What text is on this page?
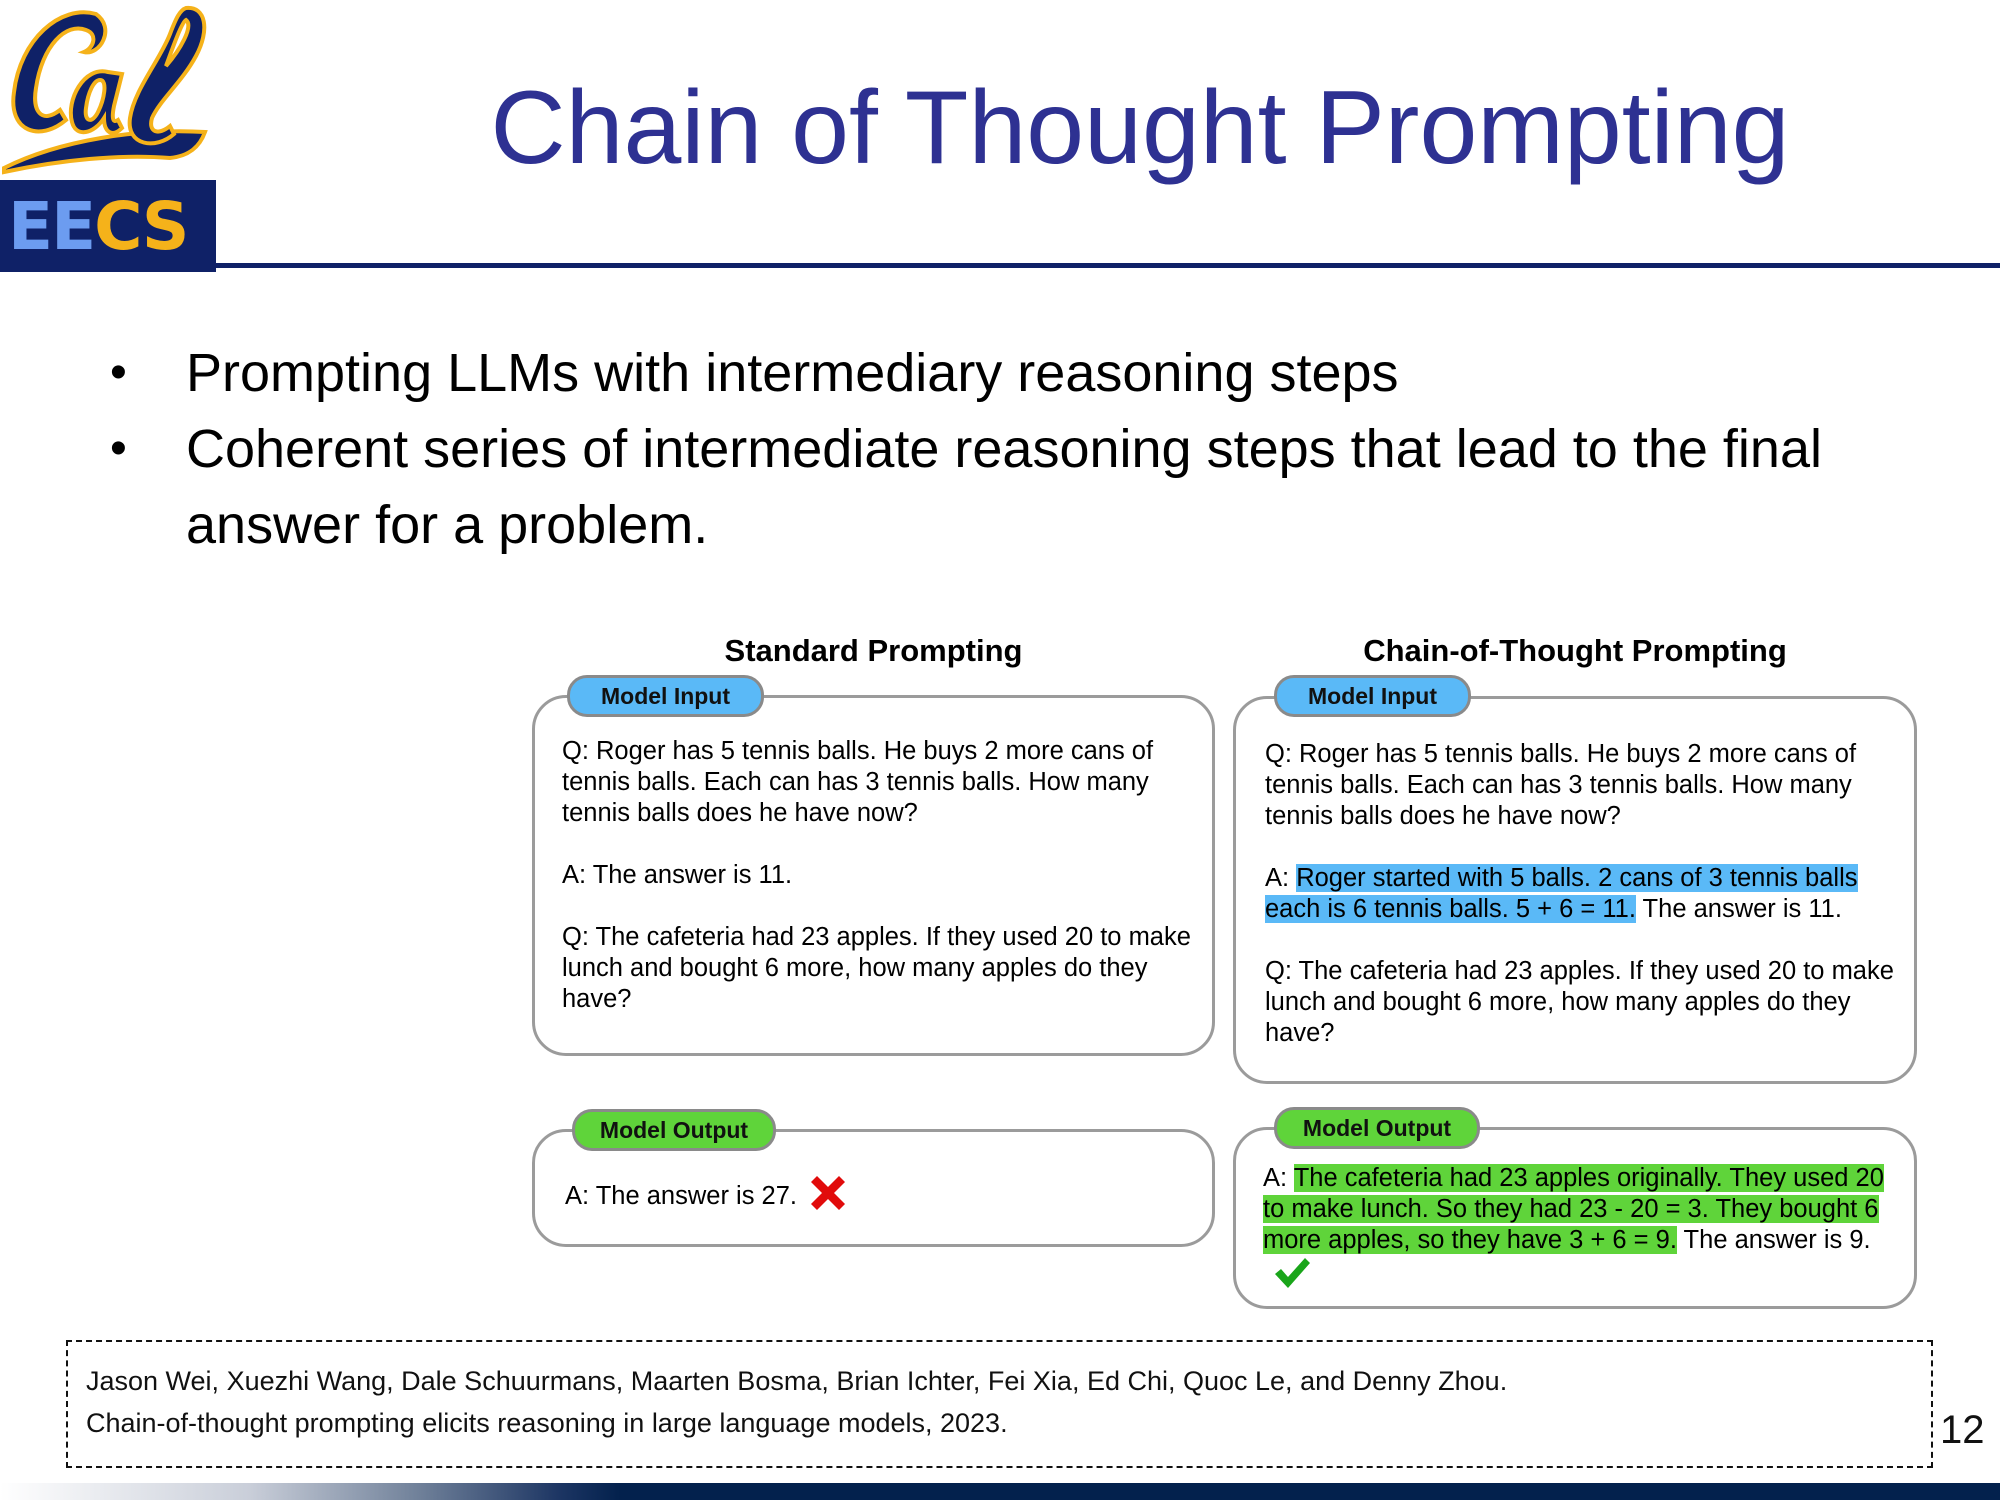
EE CS
Chain of Thought Prompting
• Prompting LLMs with intermediary reasoning steps
• Coherent series of intermediate reasoning steps that lead to the final answer for a problem.
Standard Prompting

Q: Roger has 5 tennis balls. He buys 2 more cans of tennis balls. Each can has 3 tennis balls. How many tennis balls does he have now?

A: The answer is 11.

Q: The cafeteria had 23 apples. If they used 20 to make lunch and bought 6 more, how many apples do they have?

Model Input
A: The answer is 27.
Model Output
Chain-of-Thought Prompting

Q: Roger has 5 tennis balls. He buys 2 more cans of tennis balls. Each can has 3 tennis balls. How many tennis balls does he have now?

A: Roger started with 5 balls. 2 cans of 3 tennis balls each is 6 tennis balls. 5 + 6 = 11. The answer is 11.

Q: The cafeteria had 23 apples. If they used 20 to make lunch and bought 6 more, how many apples do they have?

Model Input
A: The cafeteria had 23 apples originally. They used 20 to make lunch. So they had 23 - 20 = 3. They bought 6 more apples, so they have 3 + 6 = 9. The answer is 9.
Model Output
Jason Wei, Xuezhi Wang, Dale Schuurmans, Maarten Bosma, Brian Ichter, Fei Xia, Ed Chi, Quoc Le, and Denny Zhou.
Chain-of-thought prompting elicits reasoning in large language models, 2023.	12
